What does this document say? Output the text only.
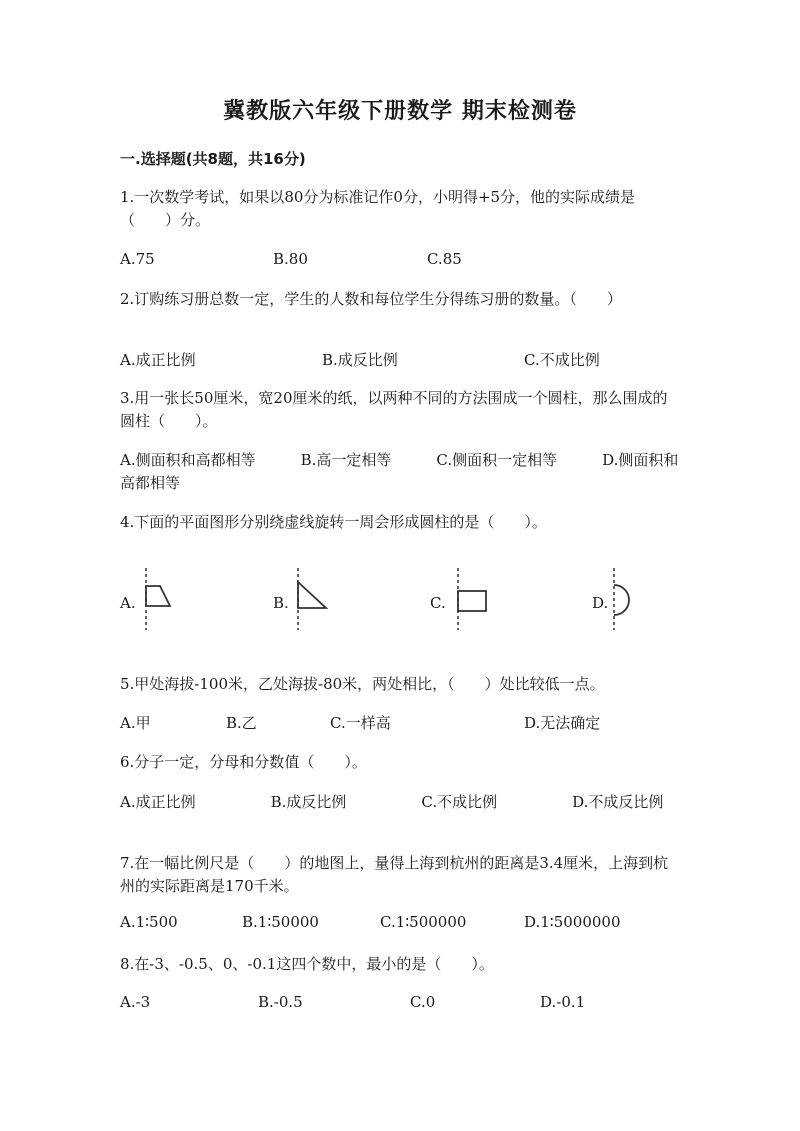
冀教版六年级下册数学 期末检测卷
一.选择题(共8题，共16分)
1.一次数学考试，如果以80分为标准记作0分，小明得+5分，他的实际成绩是（　　）分。
A.75	B.80	C.85
2.订购练习册总数一定，学生的人数和每位学生分得练习册的数量。（　　）
A.成正比例	B.成反比例	C.不成比例
3.用一张长50厘米，宽20厘米的纸，以两种不同的方法围成一个圆柱，那么围成的圆柱（　　）。
A.侧面积和高都相等　　　B.高一定相等　　　C.侧面积一定相等　　　D.侧面积和高都相等
4.下面的平面图形分别绕虚线旋转一周会形成圆柱的是（　　）。
A.	B.	C.	D.
5.甲处海拔-100米，乙处海拔-80米，两处相比，（　　）处比较低一点。
A.甲	B.乙	C.一样高	D.无法确定
6.分子一定，分母和分数值（　　）。
A.成正比例　　　　　B.成反比例　　　　　C.不成比例　　　　　D.不成反比例
7.在一幅比例尺是（　　）的地图上，量得上海到杭州的距离是3.4厘米，上海到杭州的实际距离是170千米。
A.1∶500	B.1∶50000	C.1∶500000	D.1∶5000000
8.在-3、-0.5、0、-0.1这四个数中，最小的是（　　）。
A.-3	B.-0.5	C.0	D.-0.1
